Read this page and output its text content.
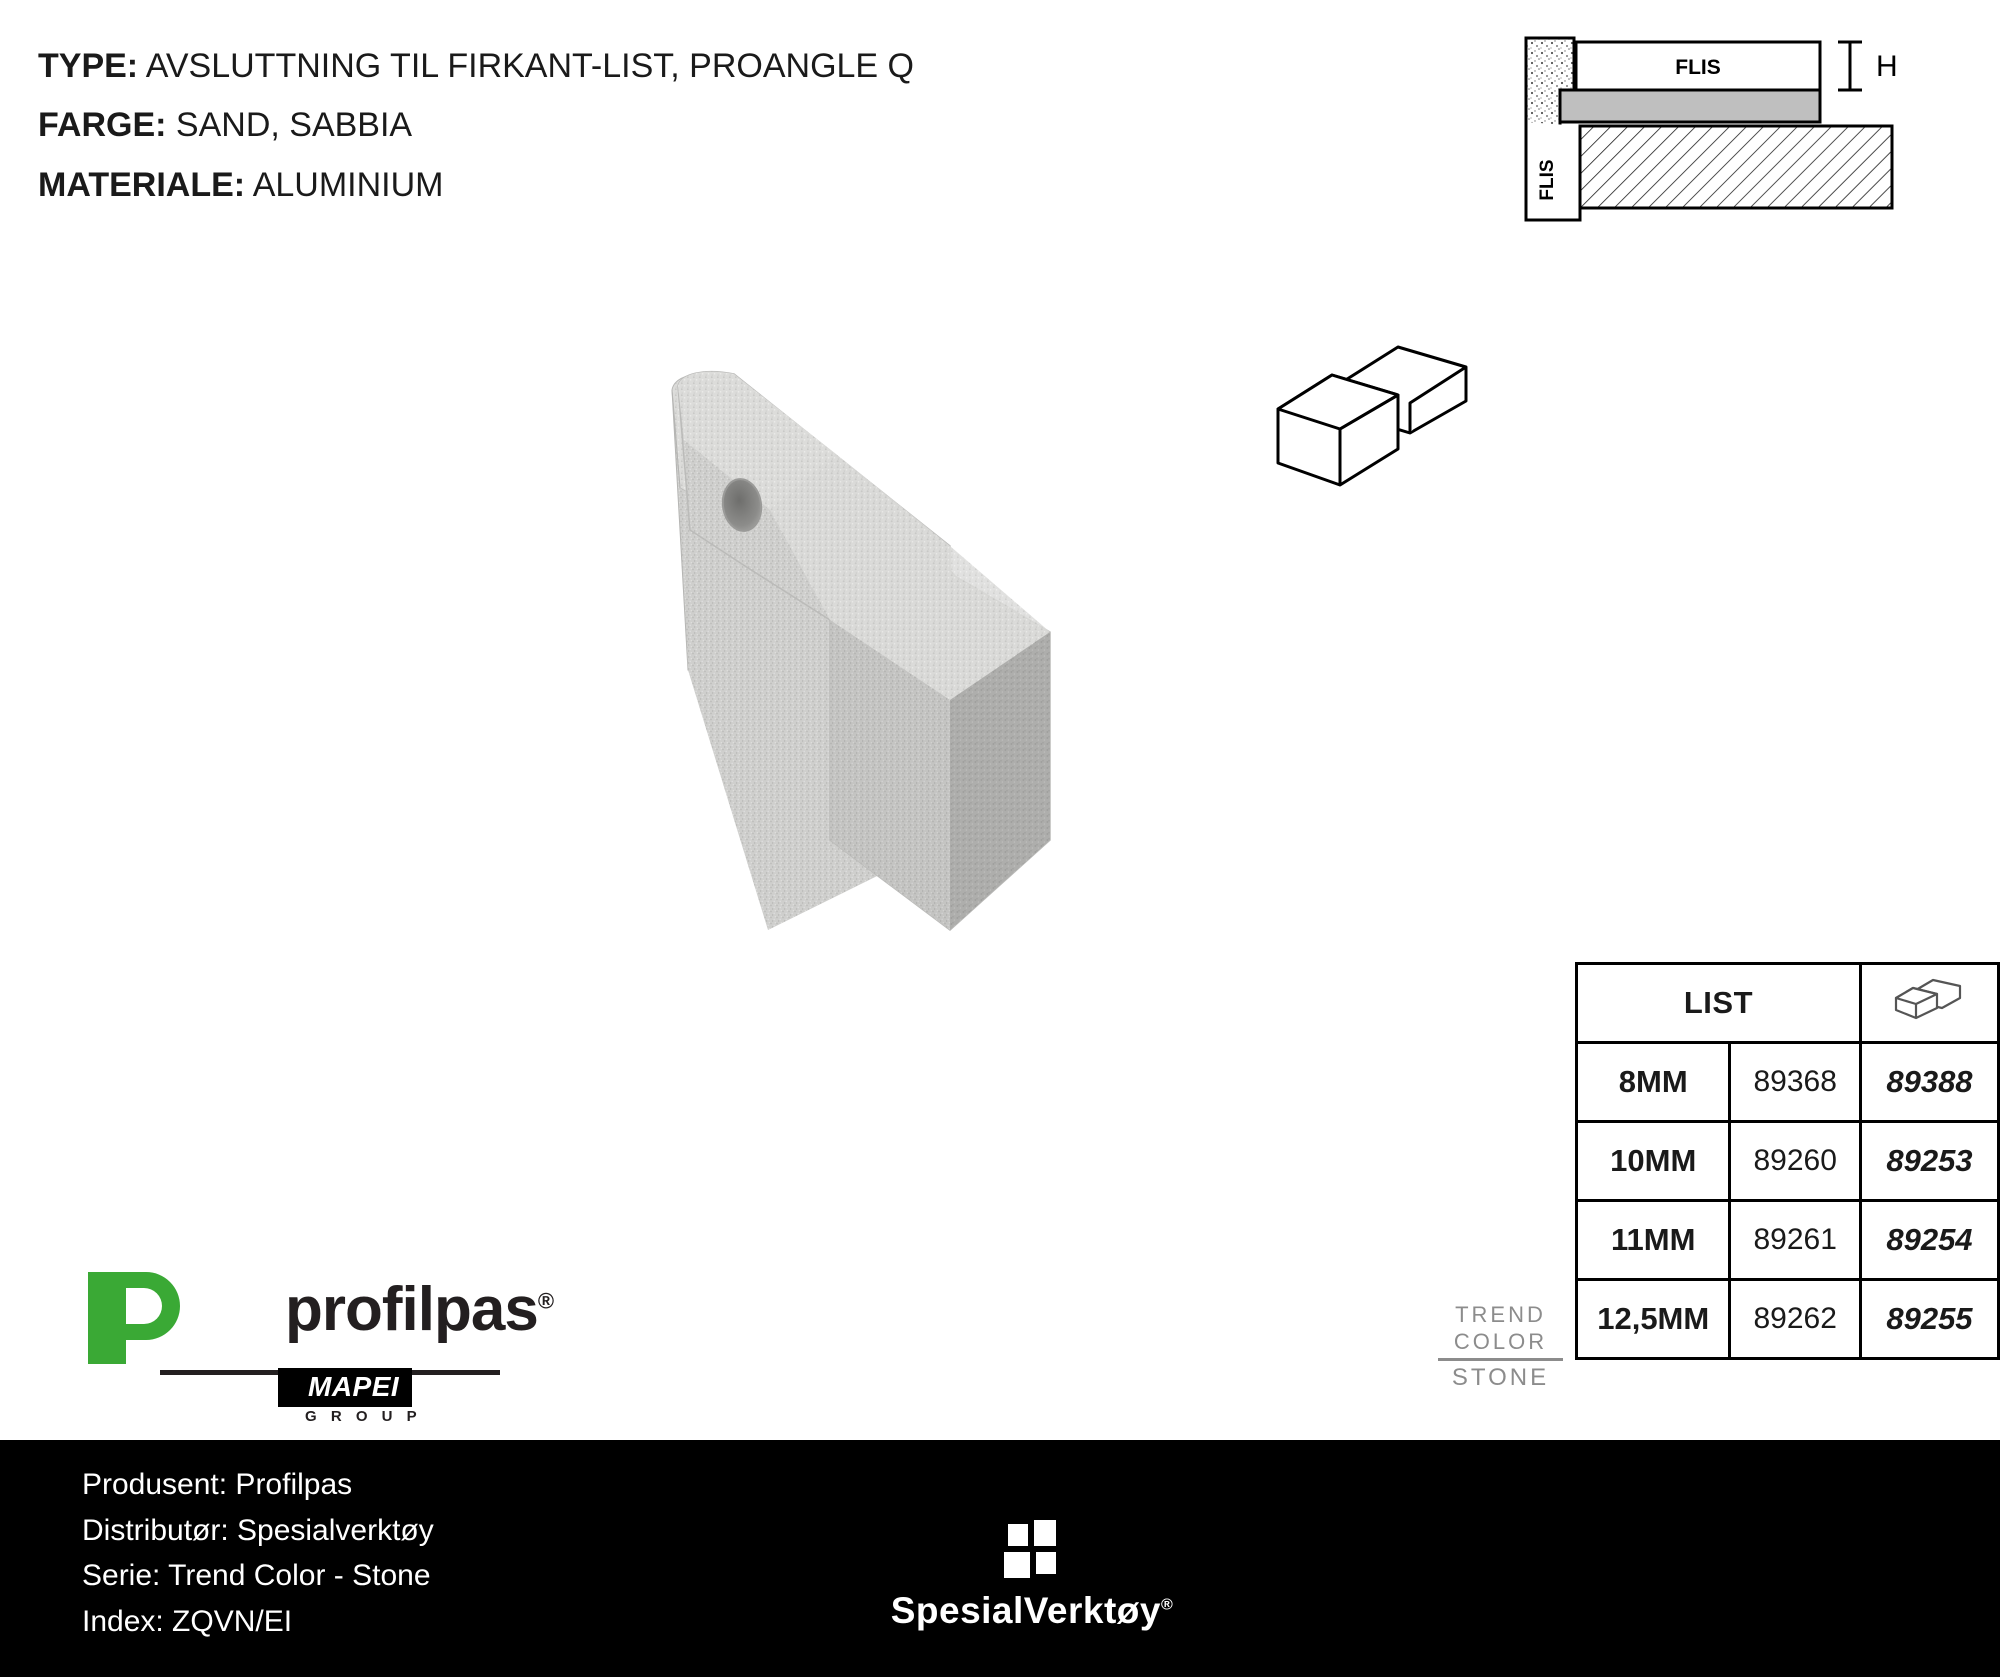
TYPE: AVSLUTTNING TIL FIRKANT-LIST, PROANGLE Q
FARGE: SAND, SABBIA
MATERIALE: ALUMINIUM
FLIS
FLIS
H
LIST	
8MM	89368	89388
10MM	89260	89253
11MM	89261	89254
12,5MM	89262	89255
TREND
COLOR
STONE
profilpas®
MAPEI
G R O U P
Produsent: Profilpas
Distributør: Spesialverktøy
Serie: Trend Color - Stone
Index: ZQVN/EI	SpesialVerktøy®
